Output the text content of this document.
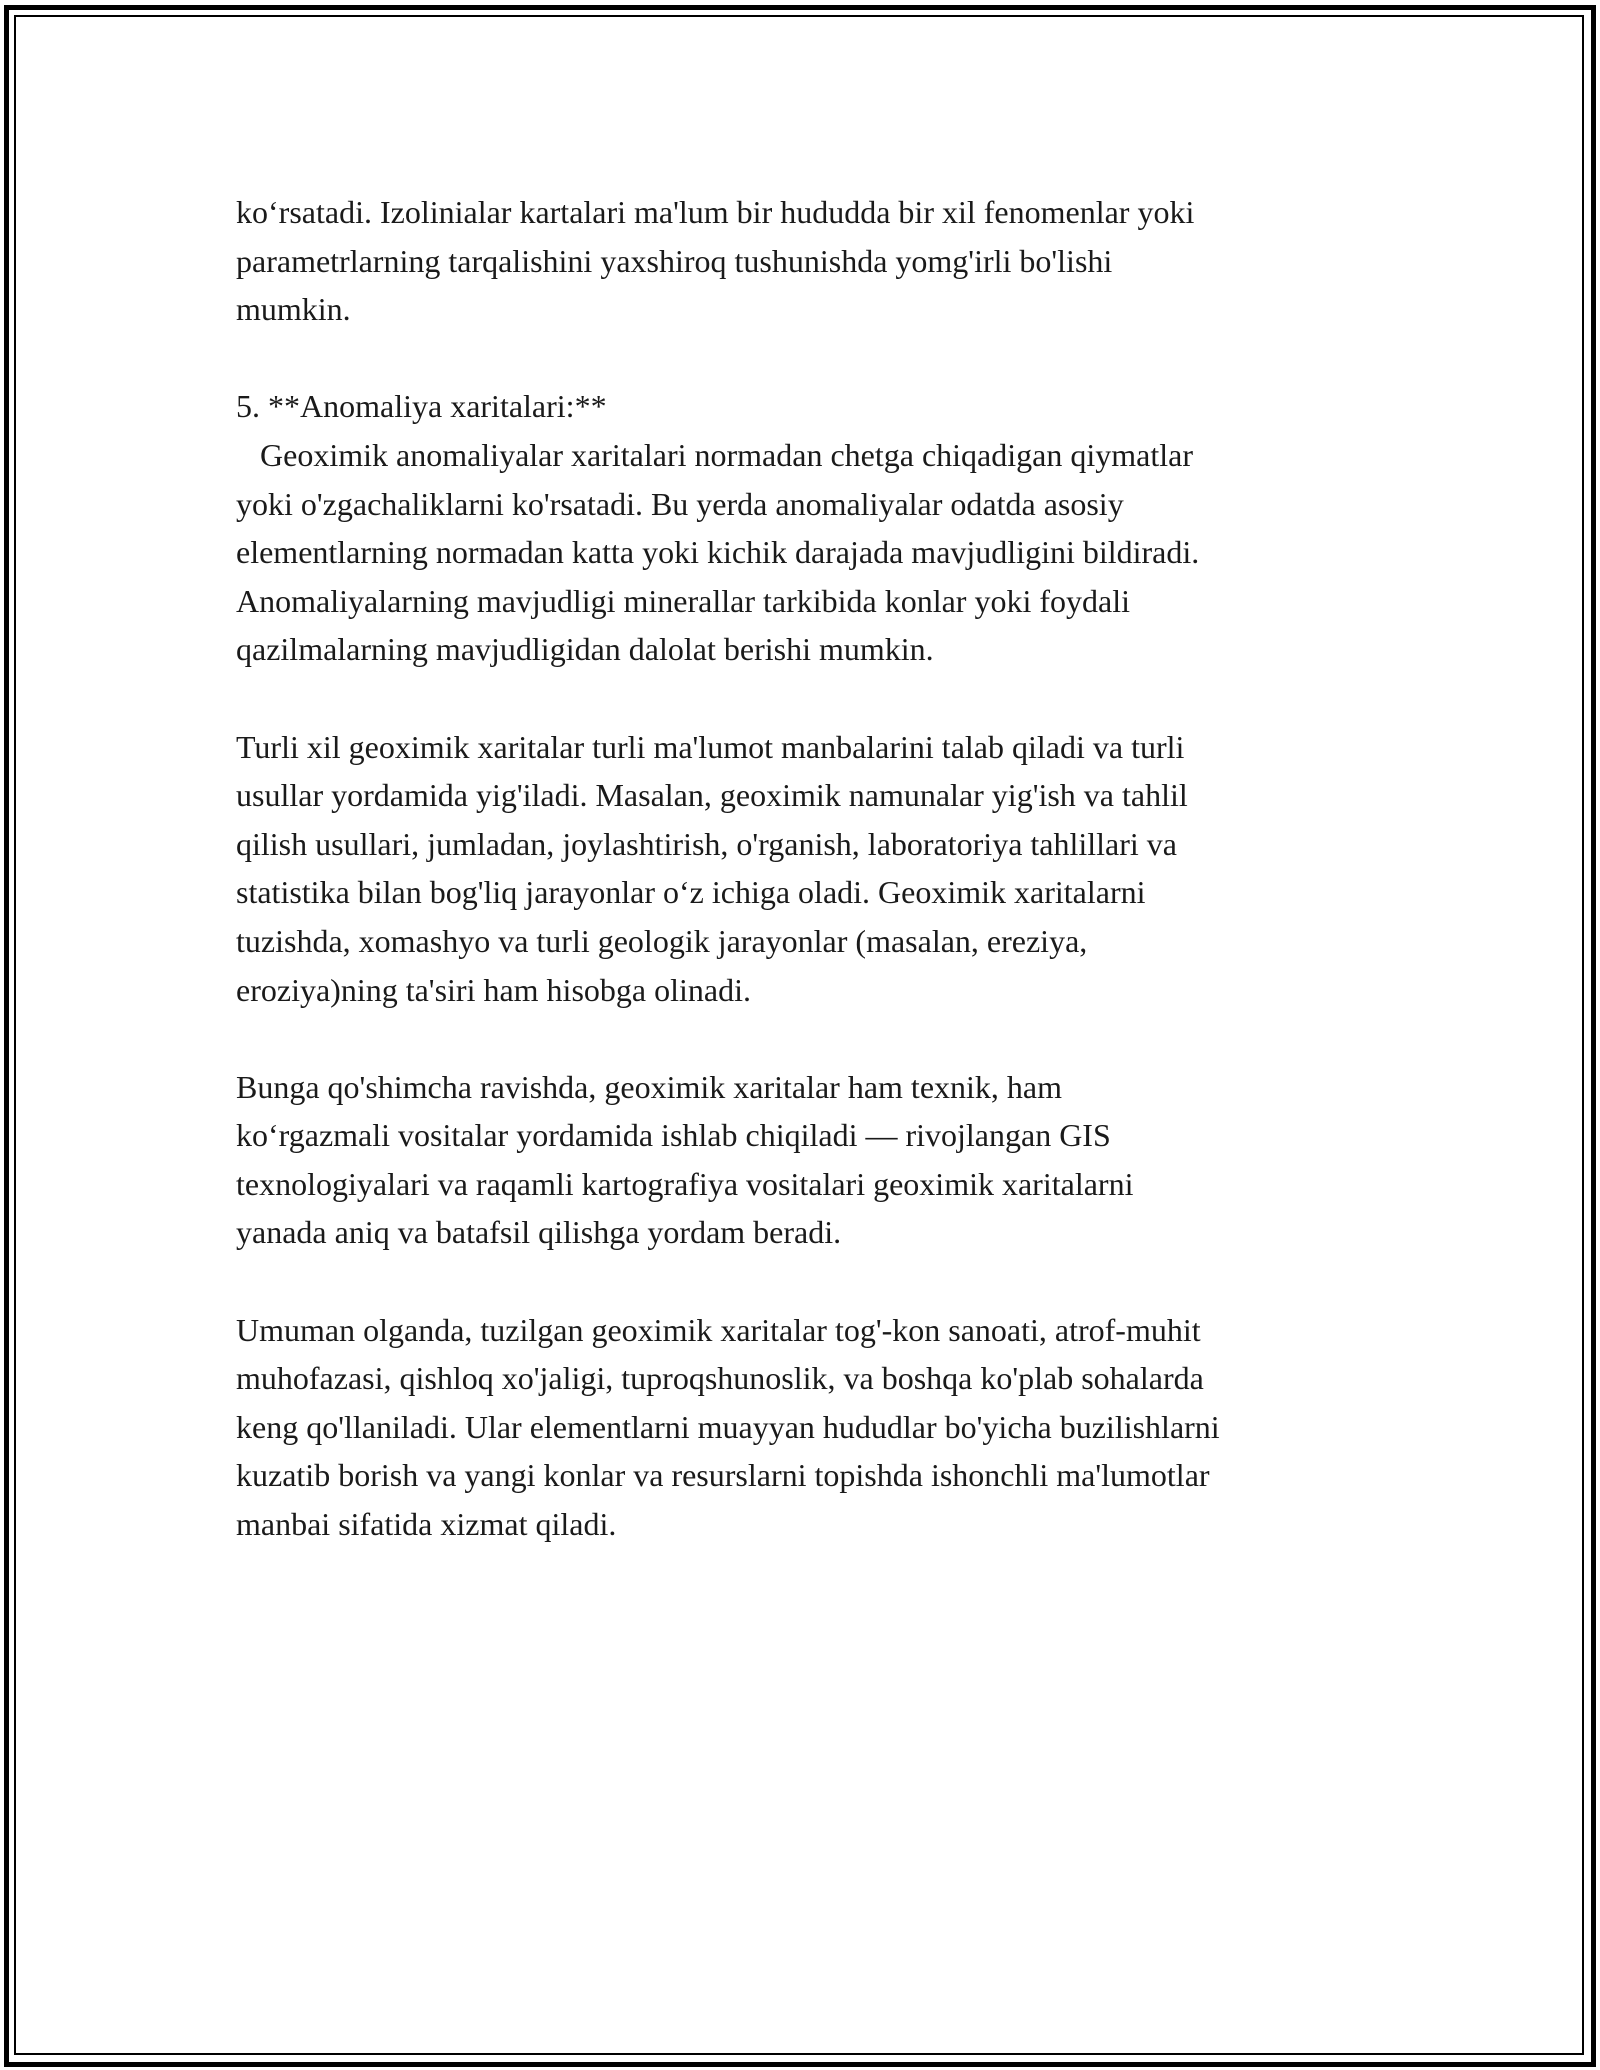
ko‘rsatadi. Izolinialar kartalari ma'lum bir hududda bir xil fenomenlar yoki
parametrlarning tarqalishini yaxshiroq tushunishda yomg'irli bo'lishi
mumkin.
5. **Anomaliya xaritalari:**
Geoximik anomaliyalar xaritalari normadan chetga chiqadigan qiymatlar
yoki o'zgachaliklarni ko'rsatadi. Bu yerda anomaliyalar odatda asosiy
elementlarning normadan katta yoki kichik darajada mavjudligini bildiradi.
Anomaliyalarning mavjudligi minerallar tarkibida konlar yoki foydali
qazilmalarning mavjudligidan dalolat berishi mumkin.
Turli xil geoximik xaritalar turli ma'lumot manbalarini talab qiladi va turli
usullar yordamida yig'iladi. Masalan, geoximik namunalar yig'ish va tahlil
qilish usullari, jumladan, joylashtirish, o'rganish, laboratoriya tahlillari va
statistika bilan bog'liq jarayonlar o‘z ichiga oladi. Geoximik xaritalarni
tuzishda, xomashyo va turli geologik jarayonlar (masalan, ereziya,
eroziya)ning ta'siri ham hisobga olinadi.
Bunga qo'shimcha ravishda, geoximik xaritalar ham texnik, ham
ko‘rgazmali vositalar yordamida ishlab chiqiladi — rivojlangan GIS
texnologiyalari va raqamli kartografiya vositalari geoximik xaritalarni
yanada aniq va batafsil qilishga yordam beradi.
Umuman olganda, tuzilgan geoximik xaritalar tog'-kon sanoati, atrof-muhit
muhofazasi, qishloq xo'jaligi, tuproqshunoslik, va boshqa ko'plab sohalarda
keng qo'llaniladi. Ular elementlarni muayyan hududlar bo'yicha buzilishlarni
kuzatib borish va yangi konlar va resurslarni topishda ishonchli ma'lumotlar
manbai sifatida xizmat qiladi.
